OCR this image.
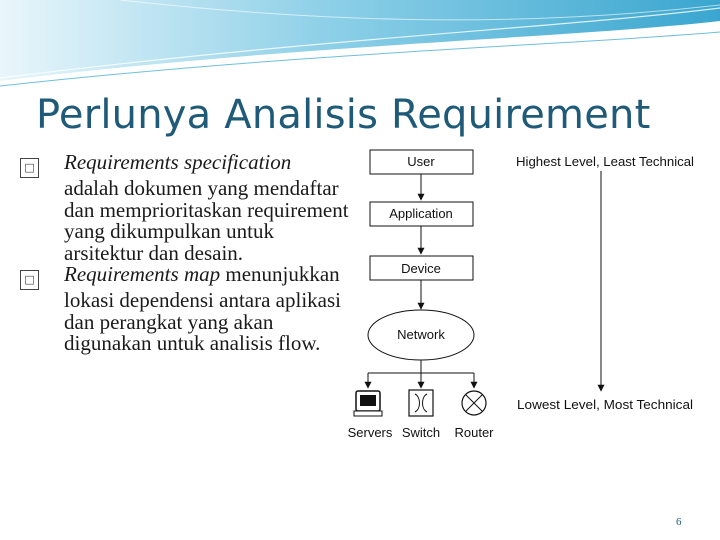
Perlunya Analisis Requirement

□ Requirements specification adalah dokumen yang mendaftar dan memprioritaskan requirement yang dikumpulkan untuk arsitektur dan desain.

□ Requirements map menunjukkan lokasi dependensi antara aplikasi dan perangkat yang akan digunakan untuk analisis flow.

User
Application
Device
Network
Servers Switch Router
Highest Level, Least Technical
Lowest Level, Most Technical
6
